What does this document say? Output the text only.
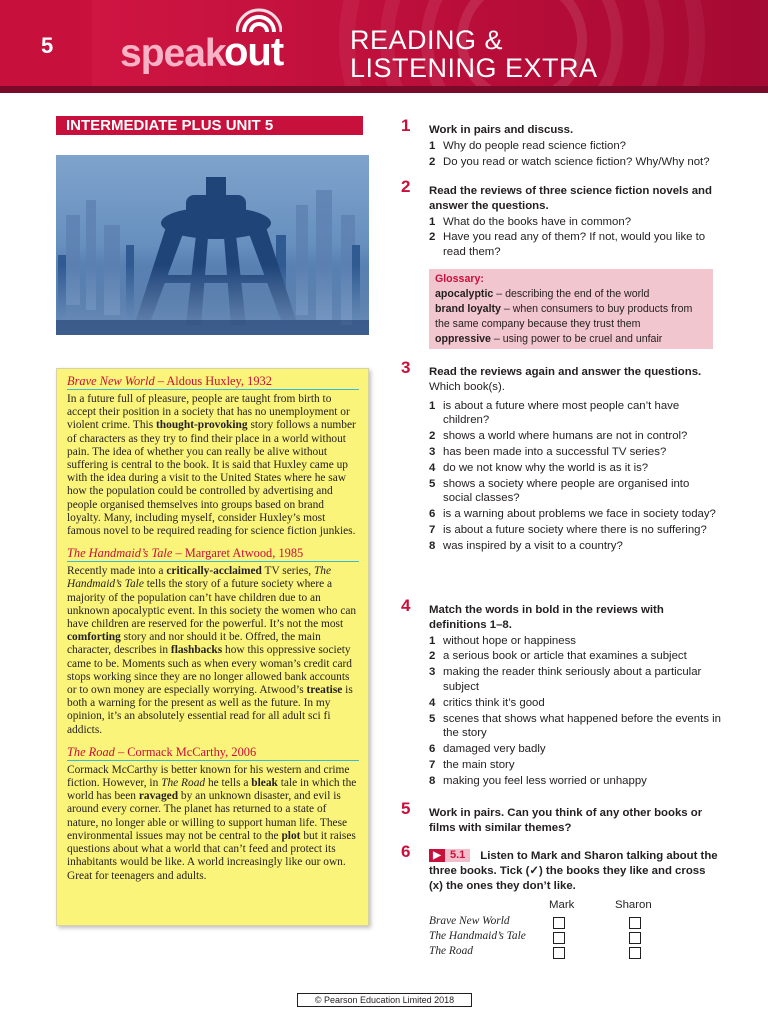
5 speak
out READING &
LISTENING EXTRA
INTERMEDIATE PLUS UNIT 5
Brave New World – Aldous Huxley, 1932
In a future full of pleasure, people are taught from birth to accept their position in a society that has no unemployment or violent crime. This thought-provoking story follows a number of characters as they try to find their place in a world without pain. The idea of whether you can really be alive without suffering is central to the book. It is said that Huxley came up with the idea during a visit to the United States where he saw how the population could be controlled by advertising and people organised themselves into groups based on brand loyalty. Many, including myself, consider Huxley’s most famous novel to be required reading for science fiction junkies.
The Handmaid’s Tale – Margaret Atwood, 1985
Recently made into a critically-acclaimed TV series, The Handmaid’s Tale tells the story of a future society where a majority of the population can’t have children due to an unknown apocalyptic event. In this society the women who can have children are reserved for the powerful. It’s not the most comforting story and nor should it be. Offred, the main character, describes in flashbacks how this oppressive society came to be. Moments such as when every woman’s credit card stops working since they are no longer allowed bank accounts or to own money are especially worrying. Atwood’s treatise is both a warning for the present as well as the future. In my opinion, it’s an absolutely essential read for all adult sci fi addicts.
The Road – Cormack McCarthy, 2006
Cormack McCarthy is better known for his western and crime fiction. However, in The Road he tells a bleak tale in which the world has been ravaged by an unknown disaster, and evil is around every corner. The planet has returned to a state of nature, no longer able or willing to support human life. These environmental issues may not be central to the plot but it raises questions about what a world that can’t feed and protect its inhabitants would be like. A world increasingly like our own. Great for teenagers and adults.
1 Work in pairs and discuss.
1 Why do people read science fiction?
2 Do you read or watch science fiction? Why/Why not?
2 Read the reviews of three science fiction novels and answer the questions.
1 What do the books have in common?
2 Have you read any of them? If not, would you like to read them?
Glossary:
apocalyptic – describing the end of the world
brand loyalty – when consumers to buy products from the same company because they trust them
oppressive – using power to be cruel and unfair
3 Read the reviews again and answer the questions.
Which book(s).
1 is about a future where most people can’t have children?
2 shows a world where humans are not in control?
3 has been made into a successful TV series?
4 do we not know why the world is as it is?
5 shows a society where people are organised into social classes?
6 is a warning about problems we face in society today?
7 is about a future society where there is no suffering?
8 was inspired by a visit to a country?
4 Match the words in bold in the reviews with definitions 1–8.
1 without hope or happiness
2 a serious book or article that examines a subject
3 making the reader think seriously about a particular subject
4 critics think it’s good
5 scenes that shows what happened before the events in the story
6 damaged very badly
7 the main story
8 making you feel less worried or unhappy
5 Work in pairs. Can you think of any other books or films with similar themes?
6	▶ 5.1 Listen to Mark and Sharon talking about the three books. Tick (✓) the books they like and cross (x) the ones they don’t like.
Mark	Sharon
Brave New World
The Handmaid’s Tale
The Road
© Pearson Education Limited 2018
